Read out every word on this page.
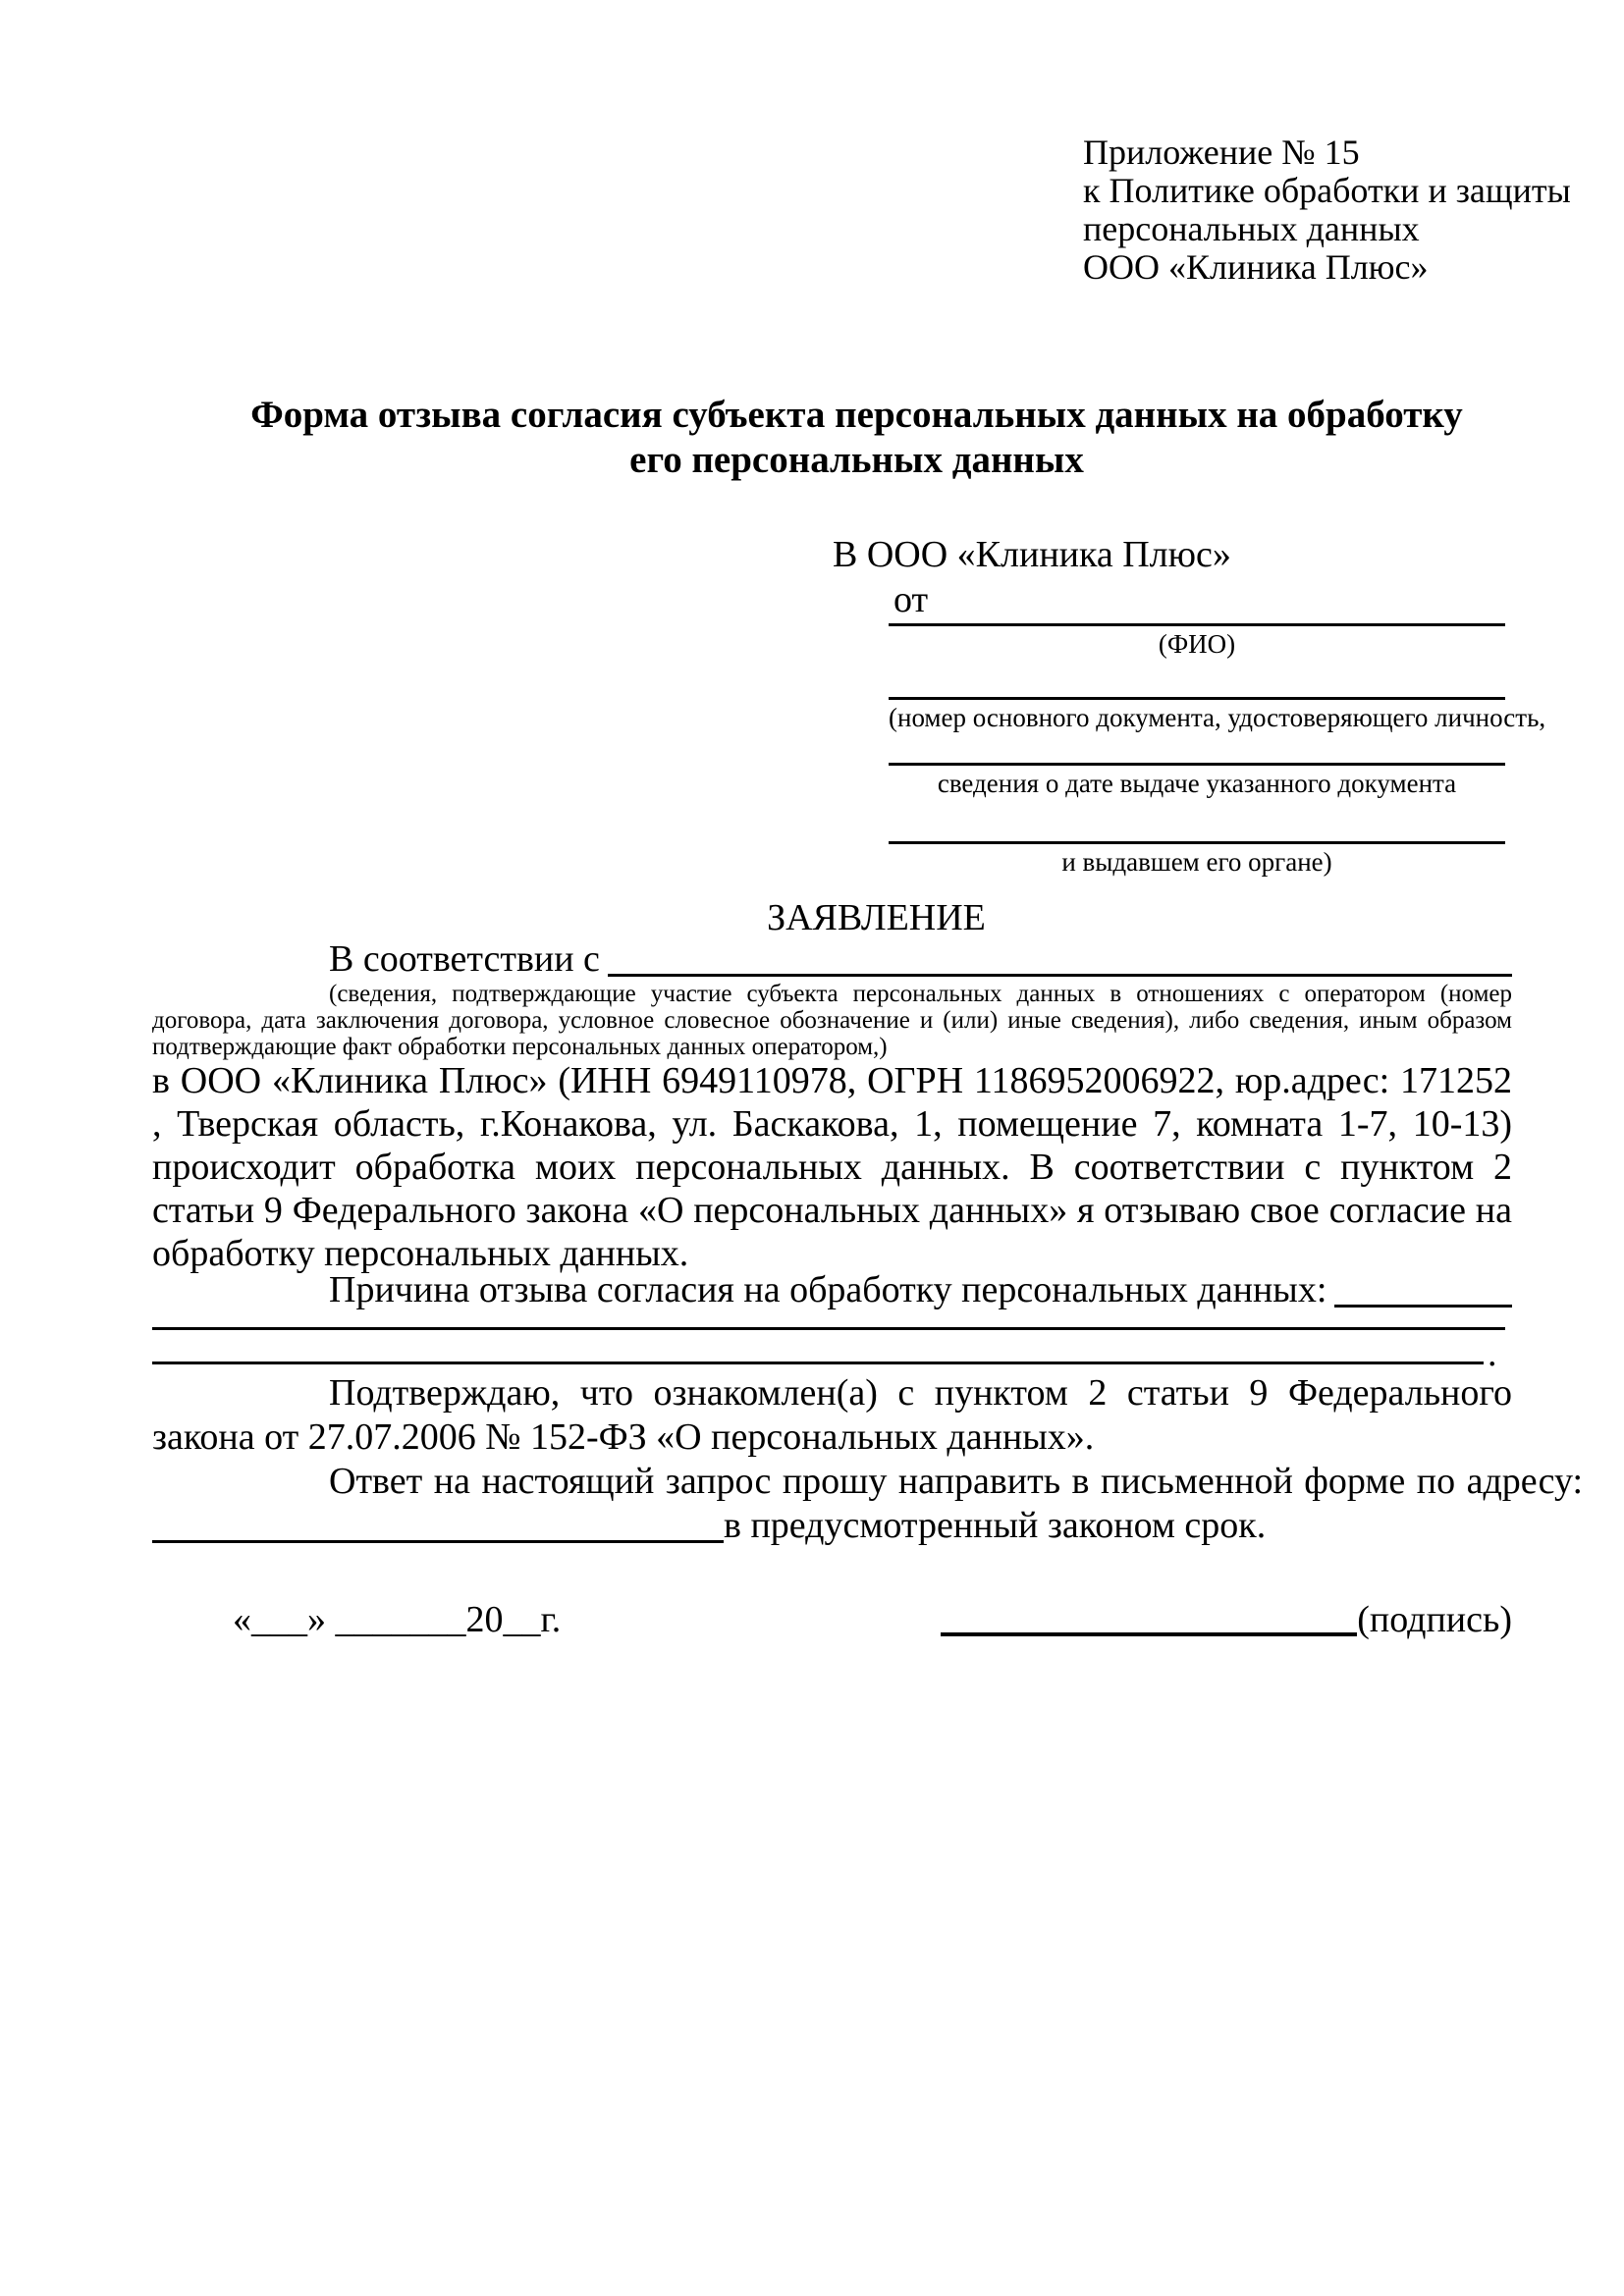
Приложение № 15
к Политике обработки и защиты
персональных данных
ООО «Клиника Плюс»
Форма отзыва согласия субъекта персональных данных на обработку
его персональных данных
В ООО «Клиника Плюс»
от
(ФИО)
(номер основного документа, удостоверяющего личность,
сведения о дате выдаче указанного документа
и выдавшем его органе)
ЗАЯВЛЕНИЕ
В соответствии с
(сведения, подтверждающие участие субъекта персональных данных в отношениях с оператором (номер договора, дата заключения договора, условное словесное обозначение и (или) иные сведения), либо сведения, иным образом подтверждающие факт обработки персональных данных оператором,)
в ООО «Клиника Плюс» (ИНН 6949110978, ОГРН 1186952006922, юр.адрес: 171252 , Тверская область, г.Конакова, ул. Баскакова, 1, помещение 7, комната 1-7, 10-13) происходит обработка моих персональных данных. В соответствии с пунктом 2 статьи 9 Федерального закона «О персональных данных» я отзываю свое согласие на обработку персональных данных.
Причина отзыва согласия на обработку персональных данных:
.
Подтверждаю, что ознакомлен(а) с пунктом 2 статьи 9 Федерального закона от 27.07.2006 № 152-ФЗ «О персональных данных».
Ответ на настоящий запрос прошу направить в письменной форме по адресу:
в предусмотренный законом срок.
«___» _______20__г.	(подпись)
